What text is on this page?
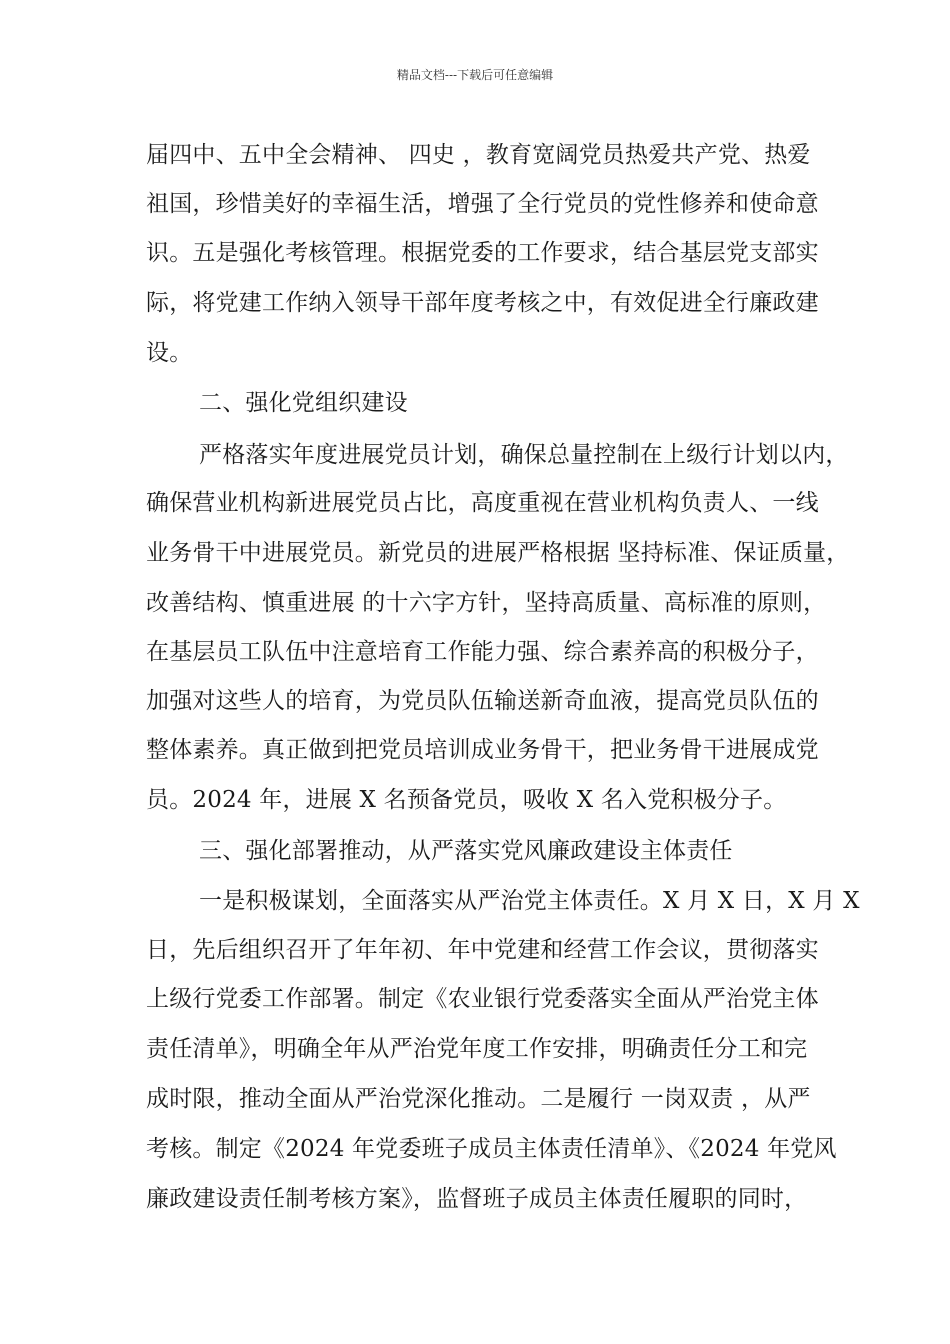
精品文档---下载后可任意编辑
届四中、五中全会精神、 四史 ，教育宽阔党员热爱共产党、热爱
祖国，珍惜美好的幸福生活，增强了全行党员的党性修养和使命意
识。五是强化考核管理。根据党委的工作要求，结合基层党支部实
际，将党建工作纳入领导干部年度考核之中，有效促进全行廉政建
设。
二、强化党组织建设
严格落实年度进展党员计划，确保总量控制在上级行计划以内，
确保营业机构新进展党员占比，高度重视在营业机构负责人、一线
业务骨干中进展党员。新党员的进展严格根据 坚持标准、保证质量，
改善结构、慎重进展 的十六字方针，坚持高质量、高标准的原则，
在基层员工队伍中注意培育工作能力强、综合素养高的积极分子，
加强对这些人的培育，为党员队伍输送新奇血液，提高党员队伍的
整体素养。真正做到把党员培训成业务骨干，把业务骨干进展成党
员。2024 年，进展 X 名预备党员，吸收 X 名入党积极分子。
三、强化部署推动，从严落实党风廉政建设主体责任
一是积极谋划，全面落实从严治党主体责任。X 月 X 日，X 月 X
日，先后组织召开了年年初、年中党建和经营工作会议，贯彻落实
上级行党委工作部署。制定《农业银行党委落实全面从严治党主体
责任清单》，明确全年从严治党年度工作安排，明确责任分工和完
成时限，推动全面从严治党深化推动。二是履行 一岗双责 ，从严
考核。制定《2024 年党委班子成员主体责任清单》、《2024 年党风
廉政建设责任制考核方案》，监督班子成员主体责任履职的同时，
